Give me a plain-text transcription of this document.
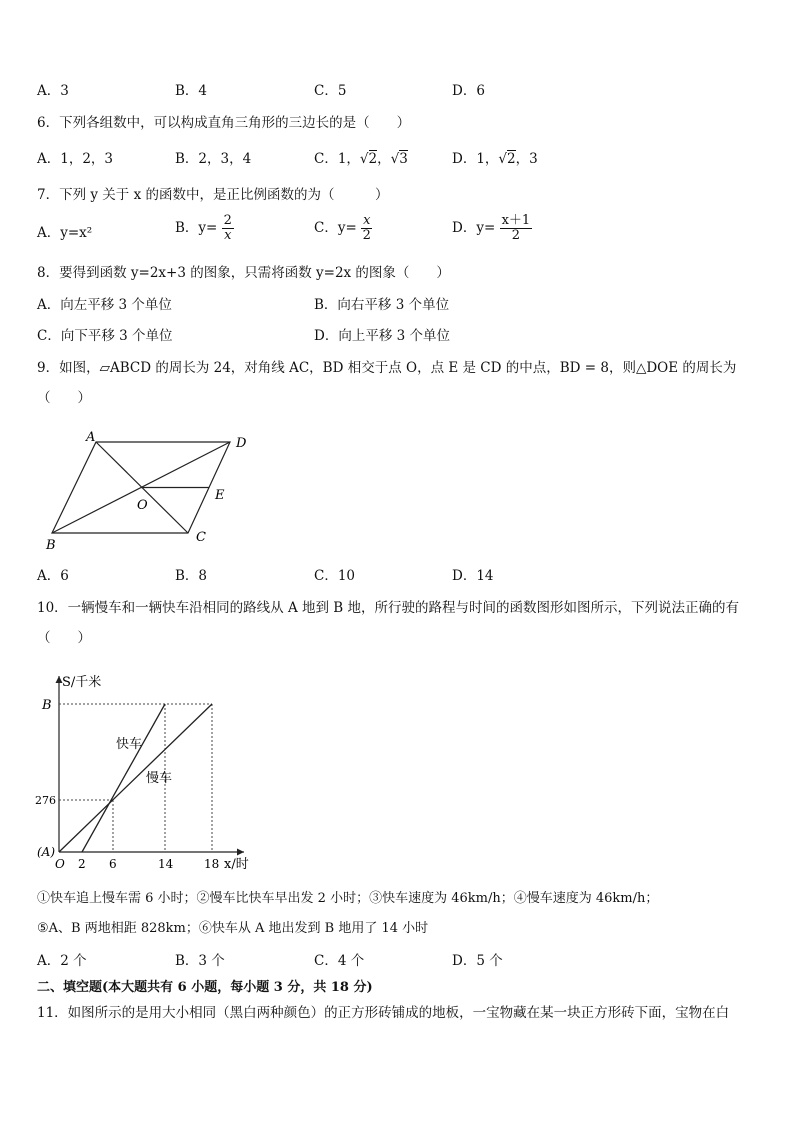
A．3	B．4	C．5	D．6
6．下列各组数中，可以构成直角三角形的三边长的是（　　）
A．1，2，3	B．2，3，4	C．1，√2，√3	D．1，√2，3
7．下列 y 关于 x 的函数中，是正比例函数的为（　　　）
A．y=x²	B．$y= \frac{2}{x}$	C．$y= \frac{x}{2}$	D．$y= \frac{x+1}{2}$
8．要得到函数 y=2x+3 的图象，只需将函数 y=2x 的图象（　　）
A．向左平移 3 个单位	B．向右平移 3 个单位
C．向下平移 3 个单位	D．向上平移 3 个单位
9．如图，▱ABCD 的周长为 24，对角线 AC，BD 相交于点 O，点 E 是 CD 的中点，BD = 8，则△DOE 的周长为
（　　）
A	D
O
E
B
C
A．6	B．8	C．10	D．14
10．一辆慢车和一辆快车沿相同的路线从 A 地到 B 地，所行驶的路程与时间的函数图形如图所示，下列说法正确的有
（　　）
S/千米
x/时
B
276
(A)
O 2 6	14	18
快车
慢车
①快车追上慢车需 6 小时；②慢车比快车早出发 2 小时；③快车速度为 46km/h；④慢车速度为 46km/h；
⑤A、B 两地相距 828km；⑥快车从 A 地出发到 B 地用了 14 小时
A．2 个	B．3 个	C．4 个	D．5 个
二、填空题(本大题共有 6 小题，每小题 3 分，共 18 分)
11．如图所示的是用大小相同（黑白两种颜色）的正方形砖铺成的地板，一宝物藏在某一块正方形砖下面，宝物在白
